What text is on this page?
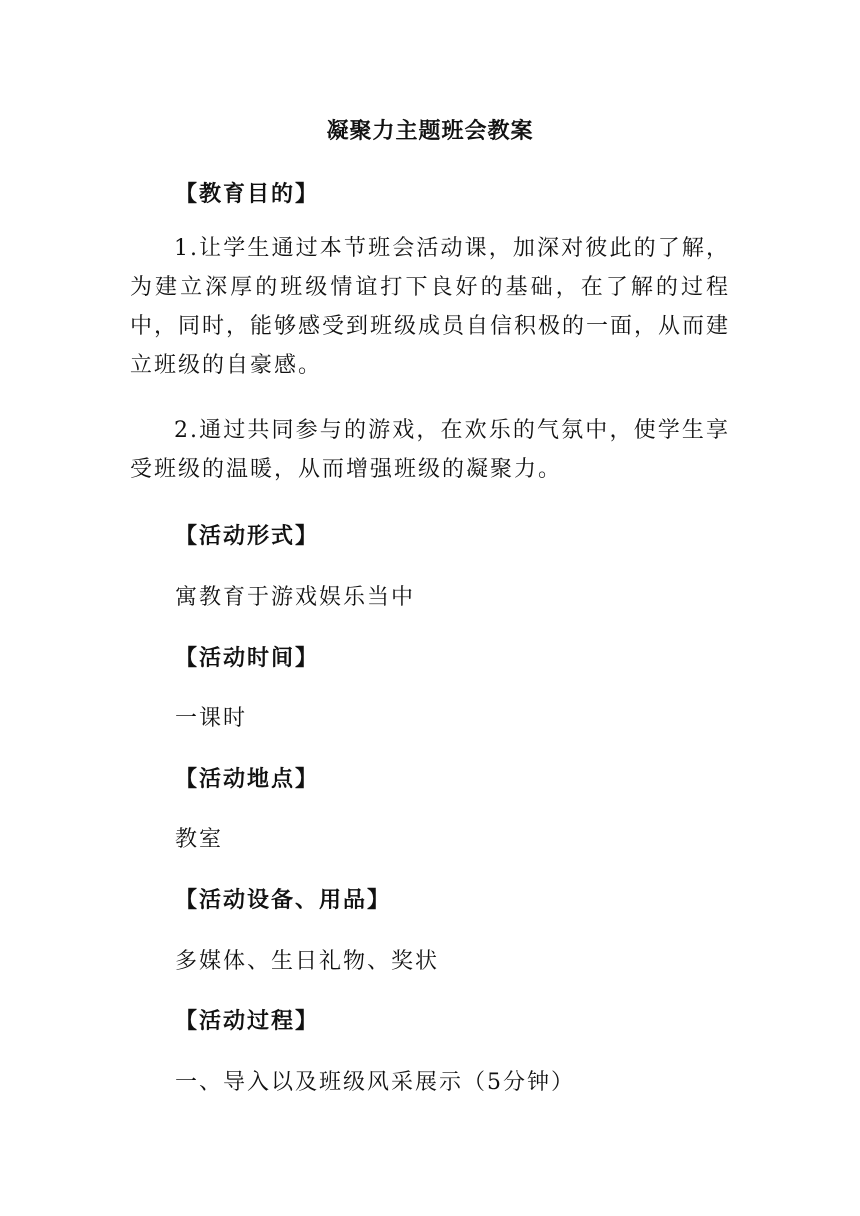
凝聚力主题班会教案
【教育目的】
1.让学生通过本节班会活动课，加深对彼此的了解，为建立深厚的班级情谊打下良好的基础，在了解的过程中，同时，能够感受到班级成员自信积极的一面，从而建立班级的自豪感。
2.通过共同参与的游戏，在欢乐的气氛中，使学生享受班级的温暖，从而增强班级的凝聚力。
【活动形式】
寓教育于游戏娱乐当中
【活动时间】
一课时
【活动地点】
教室
【活动设备、用品】
多媒体、生日礼物、奖状
【活动过程】
一、导入以及班级风采展示（5分钟）
